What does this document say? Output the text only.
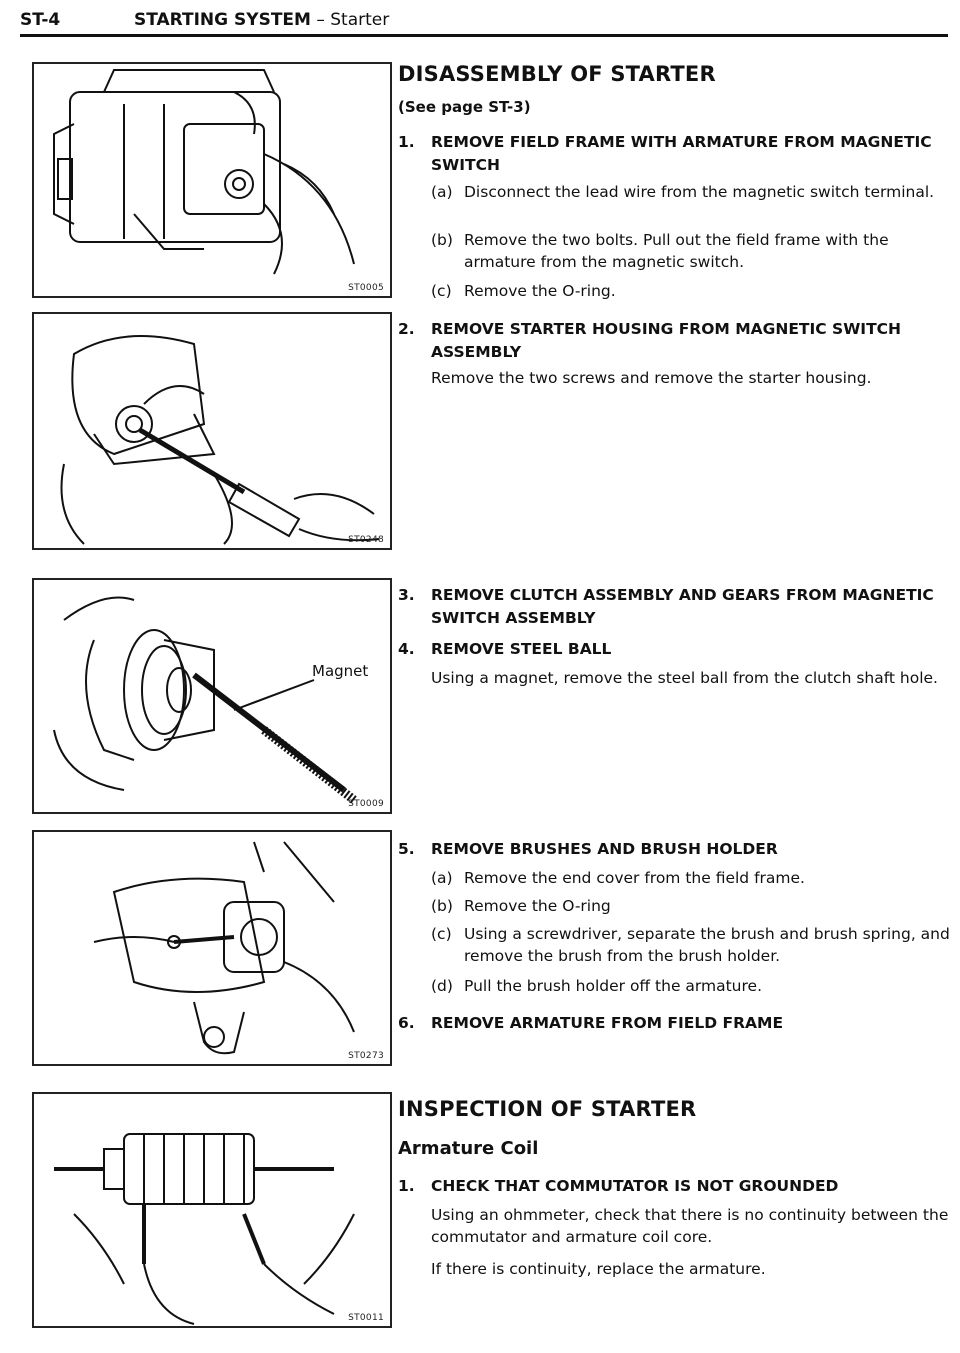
ST-4	STARTING SYSTEM – Starter
ST0005
ST0248
Magnet
ST0009
ST0273
ST0011
DISASSEMBLY OF STARTER
(See page ST-3)
1. REMOVE FIELD FRAME WITH ARMATURE FROM MAGNETIC SWITCH
(a) Disconnect the lead wire from the magnetic switch terminal.
(b) Remove the two bolts. Pull out the field frame with the armature from the magnetic switch.
(c) Remove the O-ring.
2. REMOVE STARTER HOUSING FROM MAGNETIC SWITCH ASSEMBLY
Remove the two screws and remove the starter housing.
3. REMOVE CLUTCH ASSEMBLY AND GEARS FROM MAGNETIC SWITCH ASSEMBLY
4. REMOVE STEEL BALL
Using a magnet, remove the steel ball from the clutch shaft hole.
5. REMOVE BRUSHES AND BRUSH HOLDER
(a) Remove the end cover from the field frame.
(b) Remove the O-ring
(c) Using a screwdriver, separate the brush and brush spring, and remove the brush from the brush holder.
(d) Pull the brush holder off the armature.
6. REMOVE ARMATURE FROM FIELD FRAME
INSPECTION OF STARTER
Armature Coil
1. CHECK THAT COMMUTATOR IS NOT GROUNDED
Using an ohmmeter, check that there is no continuity between the commutator and armature coil core.
If there is continuity, replace the armature.
